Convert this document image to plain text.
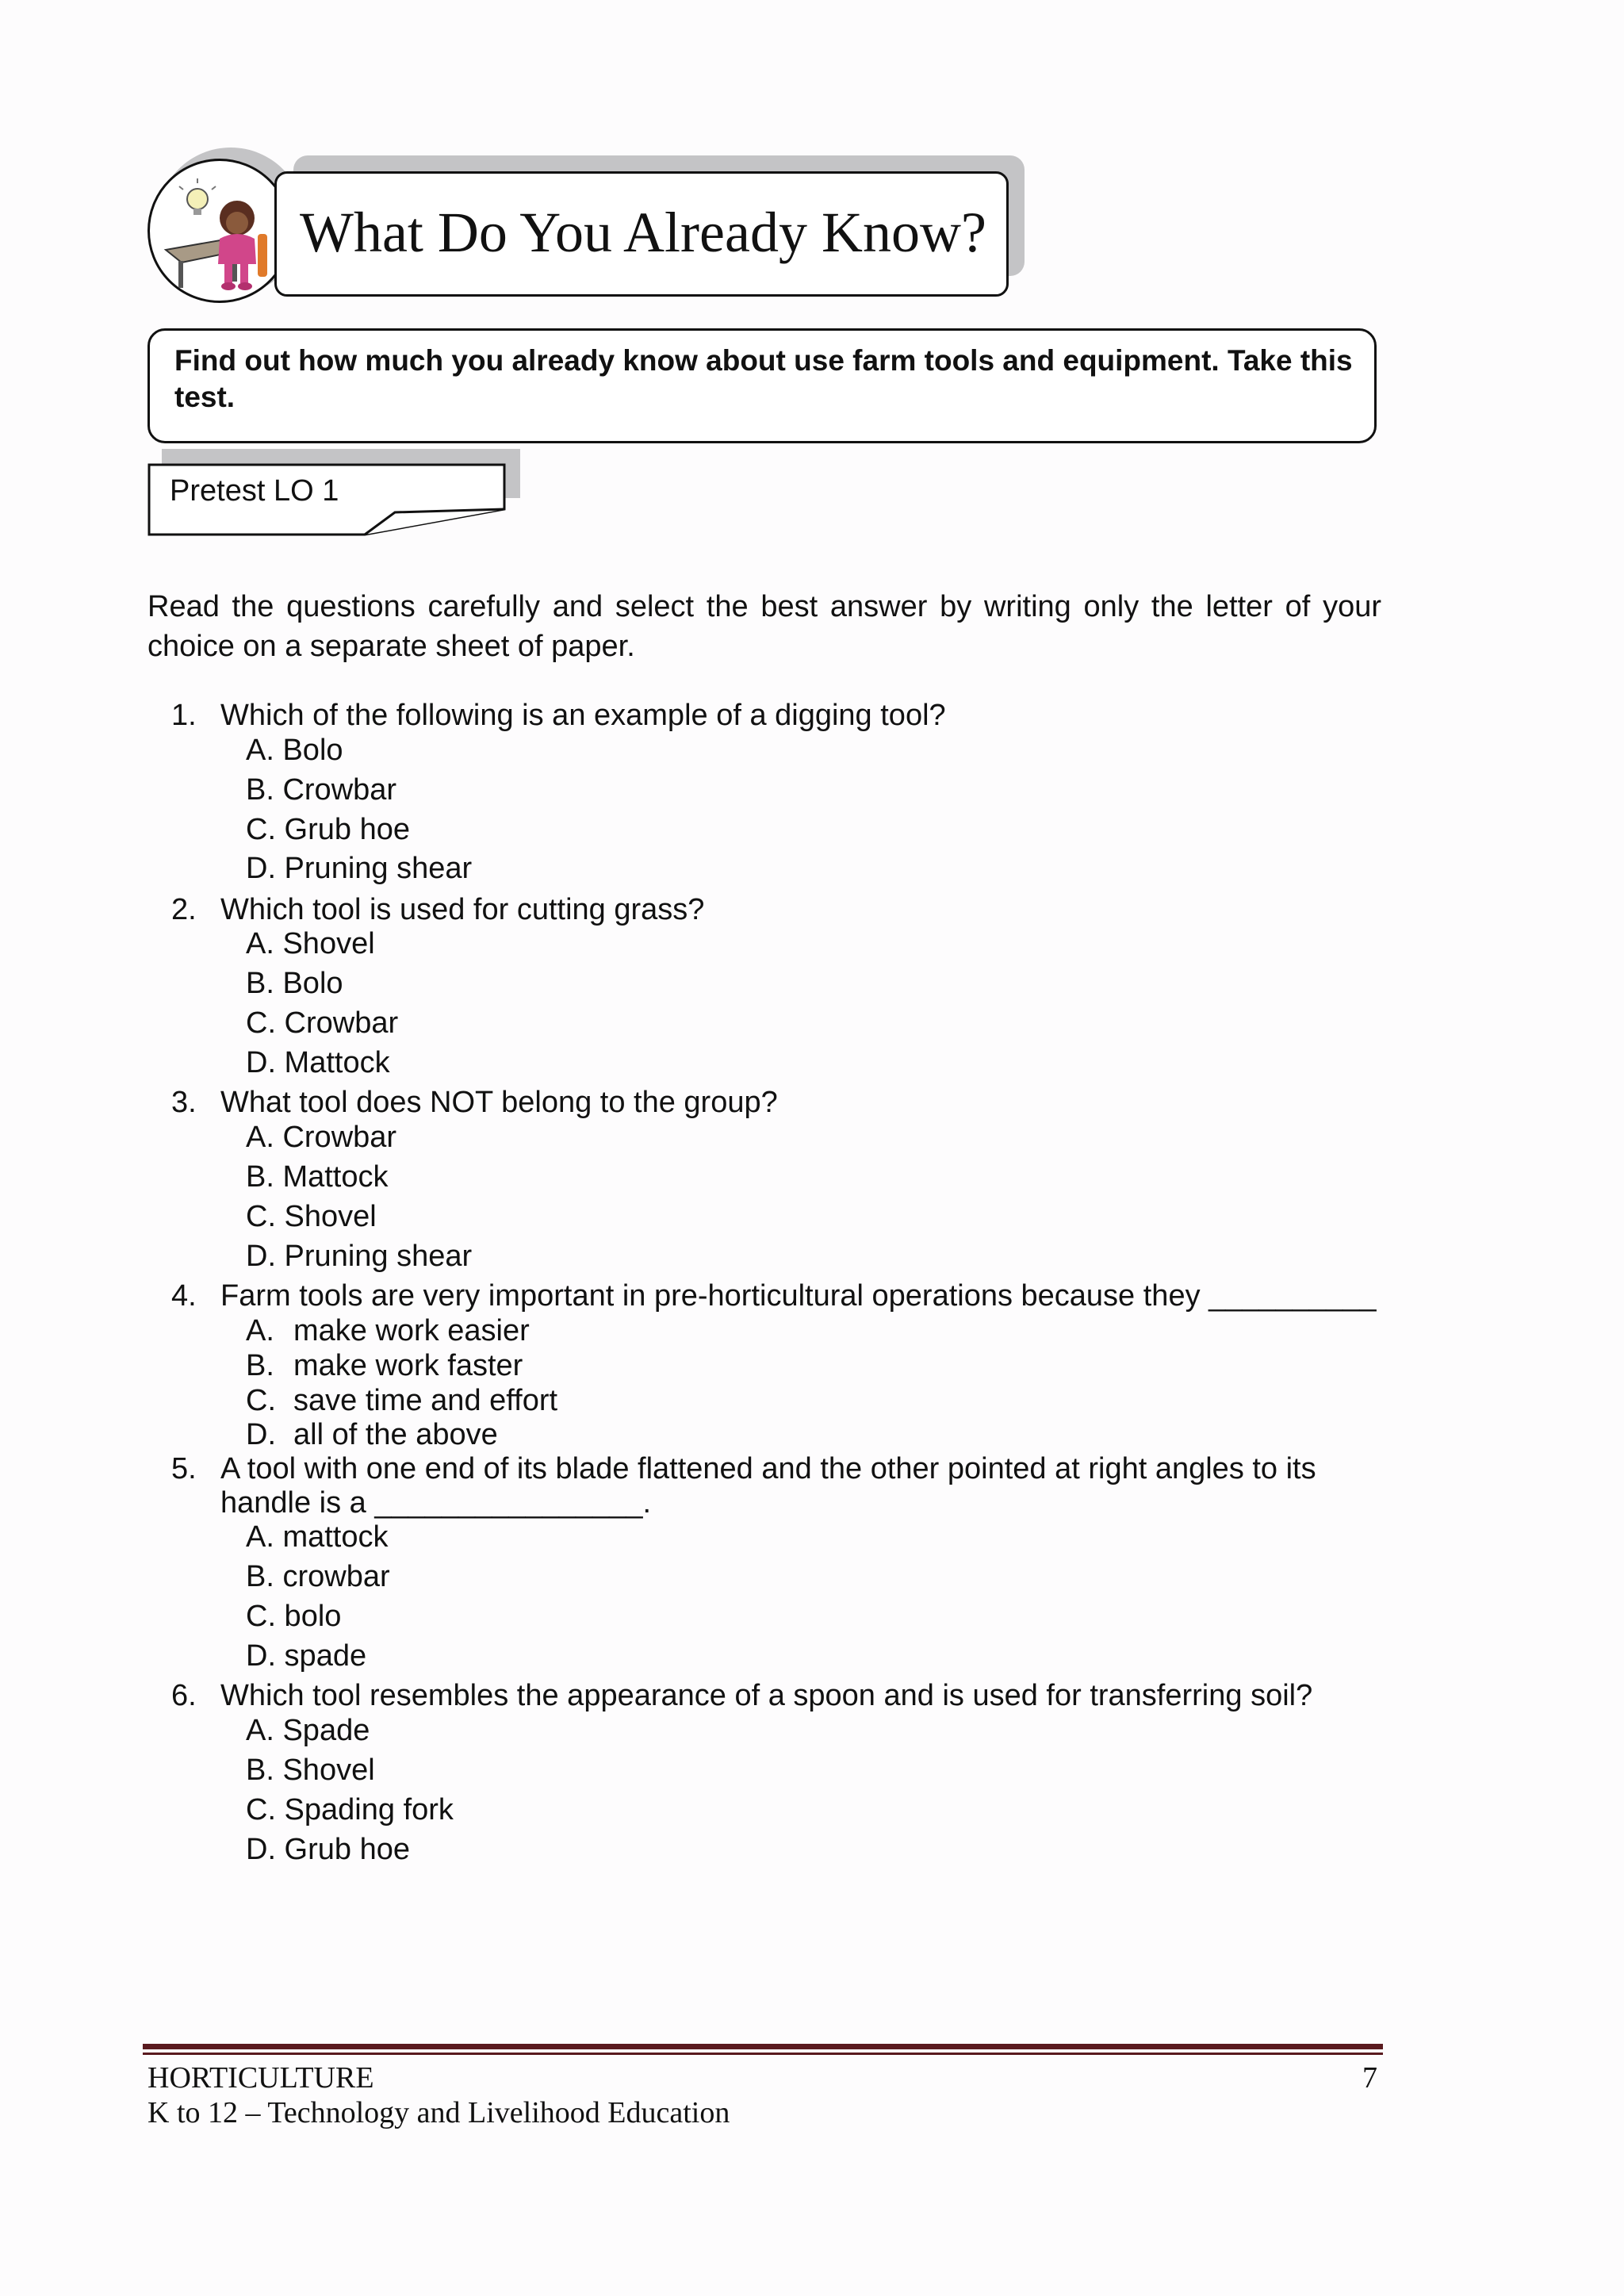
What Do You Already Know?
Find out how much you already know about use farm tools and equipment. Take this test.
Pretest LO 1
Read the questions carefully and select the best answer by writing only the letter of your choice on a separate sheet of paper.
1. Which of the following is an example of a digging tool?
A. Bolo
B. Crowbar
C. Grub hoe
D. Pruning shear
2. Which tool is used for cutting grass?
A. Shovel
B. Bolo
C. Crowbar
D. Mattock
3. What tool does NOT belong to the group?
A. Crowbar
B. Mattock
C. Shovel
D. Pruning shear
4. Farm tools are very important in pre-horticultural operations because they __________
A. make work easier
B. make work faster
C. save time and effort
D. all of the above
5. A tool with one end of its blade flattened and the other pointed at right angles to its
handle is a ________________.
A. mattock
B. crowbar
C. bolo
D. spade
6. Which tool resembles the appearance of a spoon and is used for transferring soil?
A. Spade
B. Shovel
C. Spading fork
D. Grub hoe
HORTICULTURE	7
K to 12 – Technology and Livelihood Education
